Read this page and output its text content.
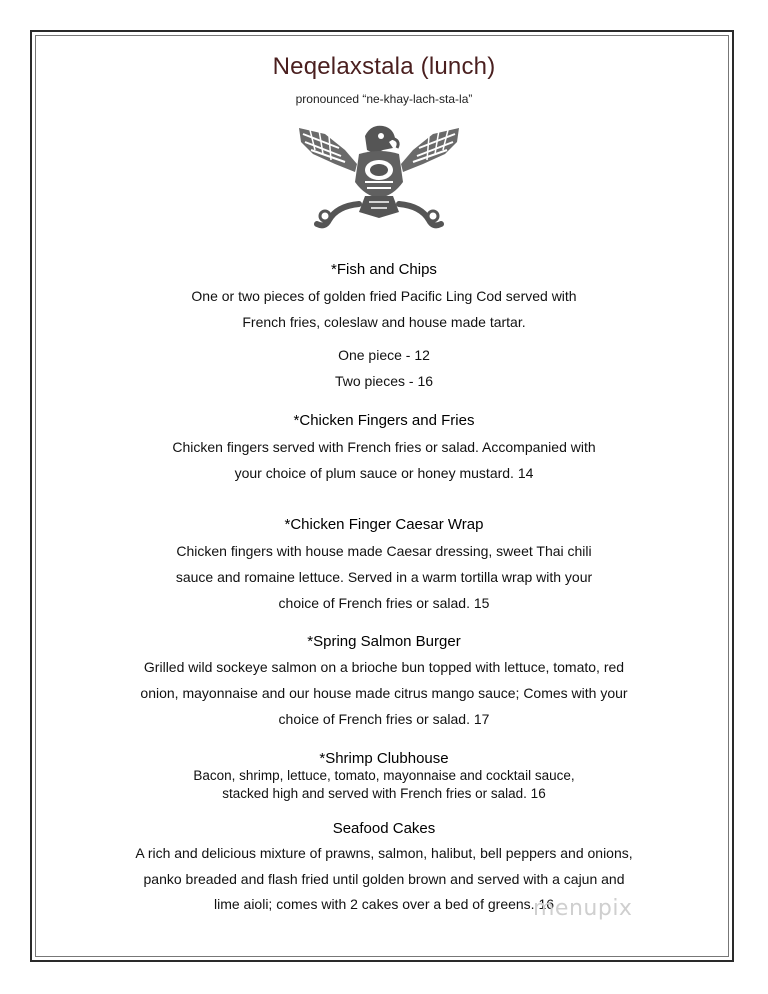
Neqelaxstala (lunch)
pronounced “ne-khay-lach-sta-la”
*Fish and Chips
One or two pieces of golden fried Pacific Ling Cod served with
French fries, coleslaw and house made tartar.
One piece - 12
Two pieces - 16
*Chicken Fingers and Fries
Chicken fingers served with French fries or salad. Accompanied with
your choice of plum sauce or honey mustard. 14
*Chicken Finger Caesar Wrap
Chicken fingers with house made Caesar dressing, sweet Thai chili
sauce and romaine lettuce. Served in a warm tortilla wrap with your
choice of French fries or salad. 15
*Spring Salmon Burger
Grilled wild sockeye salmon on a brioche bun topped with lettuce, tomato, red
onion, mayonnaise and our house made citrus mango sauce; Comes with your
choice of French fries or salad. 17
*Shrimp Clubhouse
Bacon, shrimp, lettuce, tomato, mayonnaise and cocktail sauce,
stacked high and served with French fries or salad. 16
Seafood Cakes
A rich and delicious mixture of prawns, salmon, halibut, bell peppers and onions,
panko breaded and flash fried until golden brown and served with a cajun and
lime aioli; comes with 2 cakes over a bed of greens. 16
menupix
